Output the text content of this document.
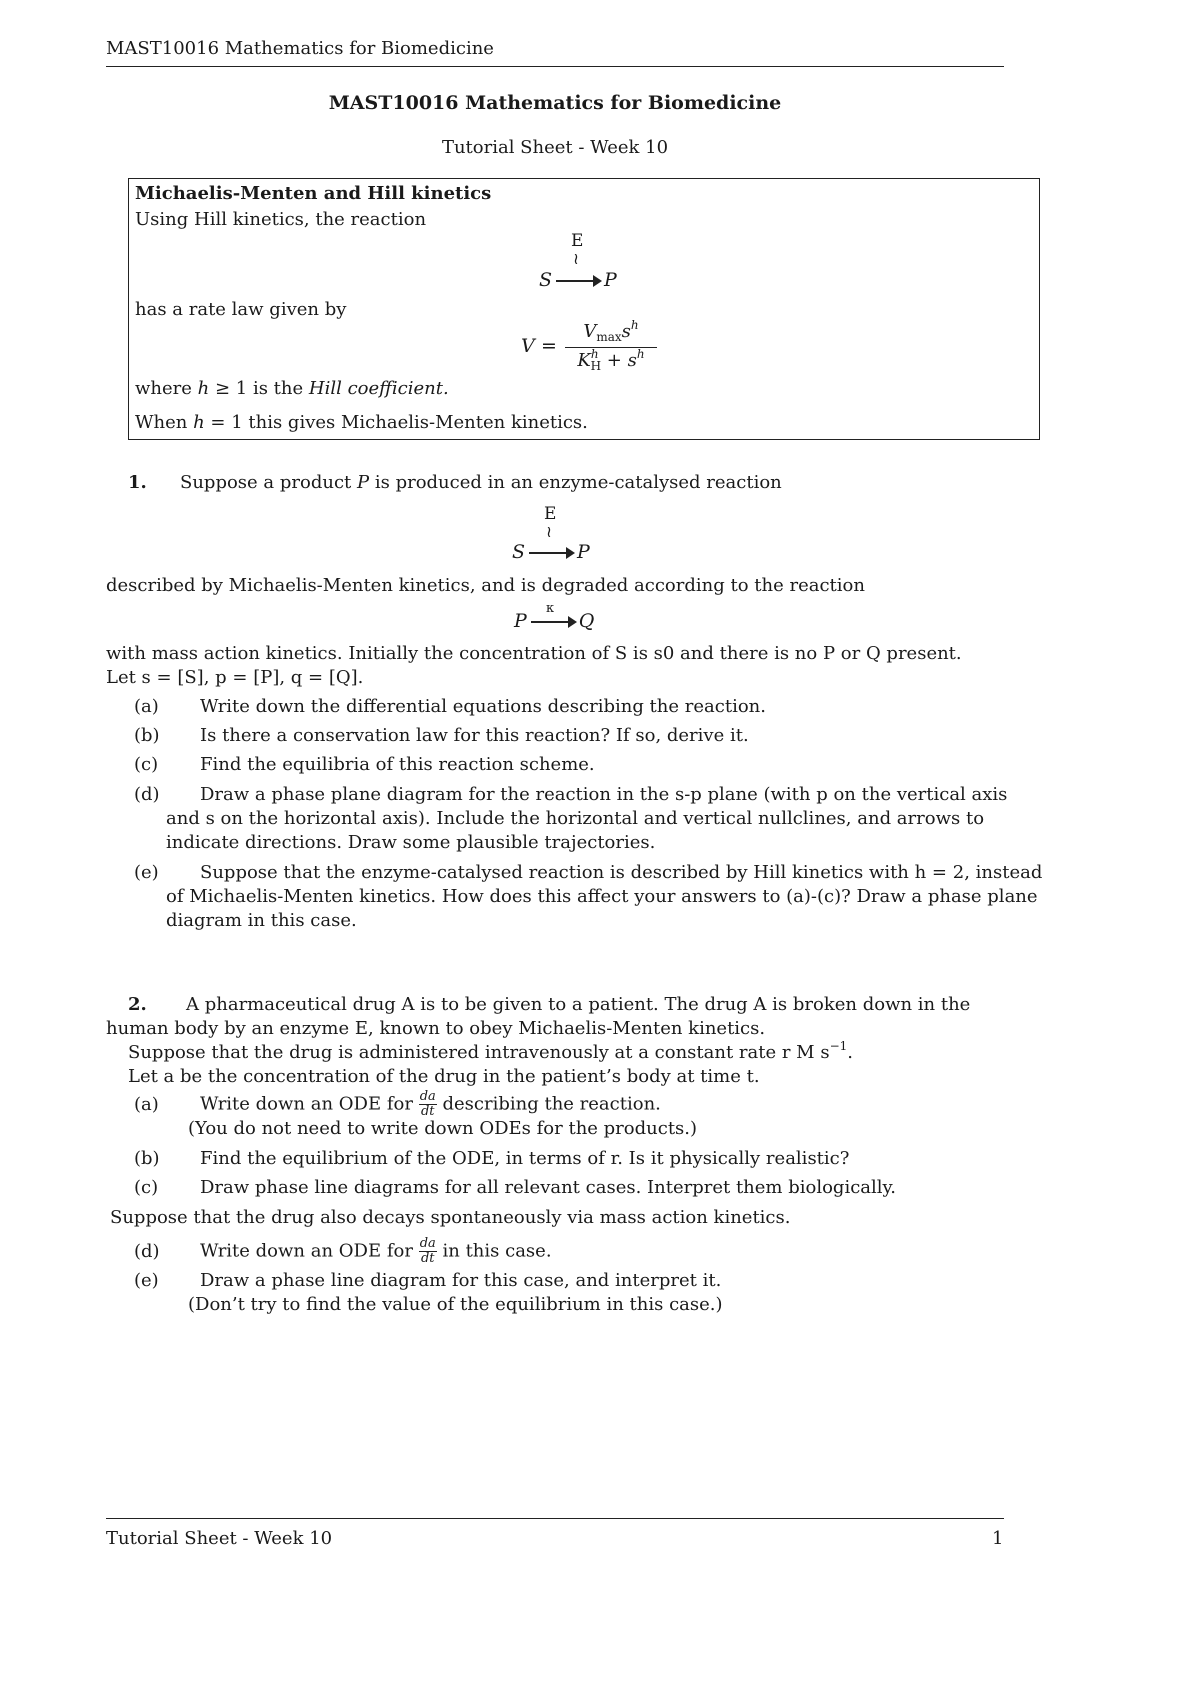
MAST10016 Mathematics for Biomedicine
MAST10016 Mathematics for Biomedicine
Tutorial Sheet - Week 10
Michaelis-Menten and Hill kinetics
Using Hill kinetics, the reaction
E
≀
S → P
has a rate law given by
V =
$V_{max}s^h$
$K^h_H + s^h$
where h ≥ 1 is the Hill coefficient.
When h = 1 this gives Michaelis-Menten kinetics.
1. Suppose a product P is produced in an enzyme-catalysed reaction
E
≀
S → P
described by Michaelis-Menten kinetics, and is degraded according to the reaction
κ
P → Q
with mass action kinetics. Initially the concentration of S is s0 and there is no P or Q present.
Let s = [S], p = [P], q = [Q].
(a) Write down the differential equations describing the reaction.
(b) Is there a conservation law for this reaction? If so, derive it.
(c) Find the equilibria of this reaction scheme.
(d) Draw a phase plane diagram for the reaction in the s-p plane (with p on the vertical axis
and s on the horizontal axis). Include the horizontal and vertical nullclines, and arrows to
indicate directions. Draw some plausible trajectories.
(e) Suppose that the enzyme-catalysed reaction is described by Hill kinetics with h = 2, instead
of Michaelis-Menten kinetics. How does this affect your answers to (a)-(c)? Draw a phase plane
diagram in this case.
2. A pharmaceutical drug A is to be given to a patient. The drug A is broken down in the
human body by an enzyme E, known to obey Michaelis-Menten kinetics.
Suppose that the drug is administered intravenously at a constant rate r M $s^{-1}$.
Let a be the concentration of the drug in the patient’s body at time t.
(a) Write down an ODE for $\frac{da}{dt}$ describing the reaction.
(You do not need to write down ODEs for the products.)
(b) Find the equilibrium of the ODE, in terms of r. Is it physically realistic?
(c) Draw phase line diagrams for all relevant cases. Interpret them biologically.
Suppose that the drug also decays spontaneously via mass action kinetics.
(d) Write down an ODE for $\frac{da}{dt}$ in this case.
(e) Draw a phase line diagram for this case, and interpret it.
(Don’t try to find the value of the equilibrium in this case.)
Tutorial Sheet - Week 10	1
